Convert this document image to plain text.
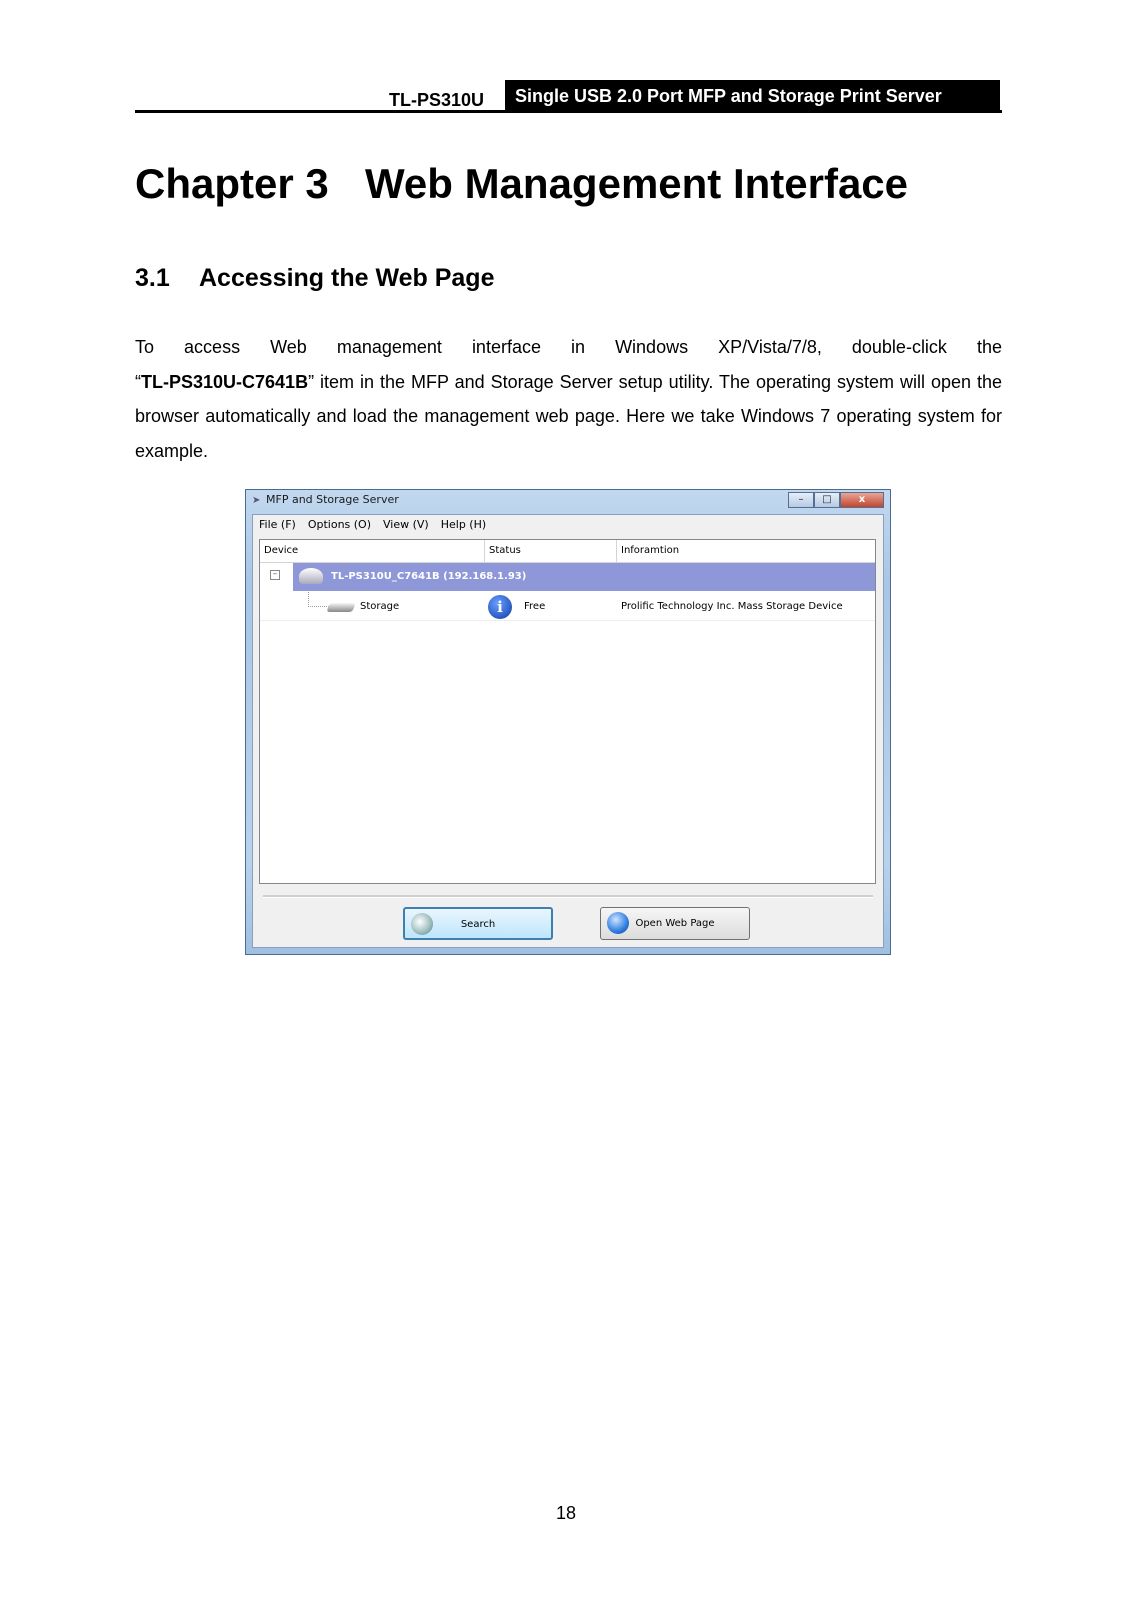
TL-PS310U	Single USB 2.0 Port MFP and Storage Print Server
Chapter 3 Web Management Interface
3.1 Accessing the Web Page
To access Web management interface in Windows XP/Vista/7/8, double-click the
“TL-PS310U-C7641B” item in the MFP and Storage Server setup utility. The operating system will open the browser automatically and load the management web page. Here we take Windows 7 operating system for example.
➤ MFP and Storage Server	–	□	x
File (F) Options (O) View (V) Help (H)
Device	Status	Inforamtion
–	TL-PS310U_C7641B (192.168.1.93)
Storage	i	Free	Prolific Technology Inc. Mass Storage Device
Search	Open Web Page
18
